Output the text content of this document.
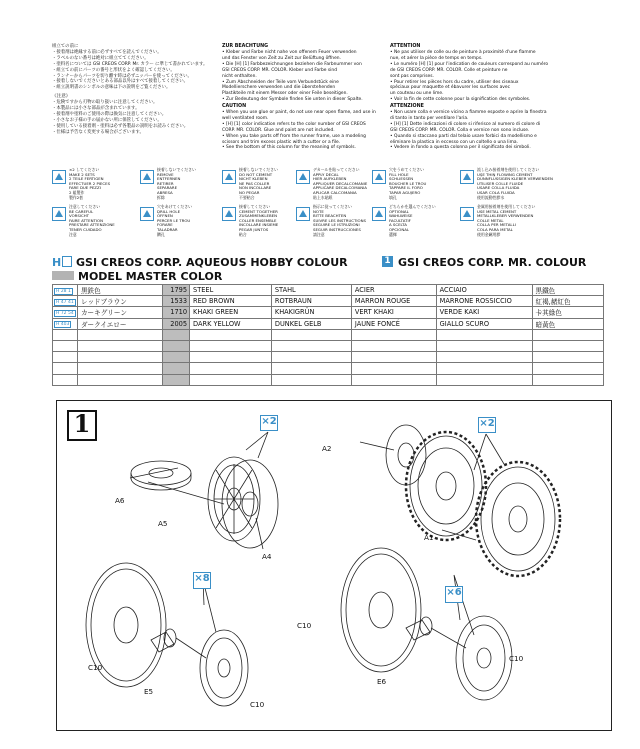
組立ての前に
・接着剤は絶縁する前に必ずすべてを読んでください。
・ラベルのない番号は絶対に組立ててください。
・塗料名については GSI CREOS CORP. Mr. カラー に準じて書かれています。
・組立ての前にパーツの番号と形状をよく確認してください。
・ランナーからパーツを切り離す時は必ずニッパーを使ってください。
・接着しないでくださいとある部品以外はすべて接着してください。
・組立説明書のシンボルの意味は下の説明をご覧ください。
《注意》
・危険ですから刃物の取り扱いに注意してください。
・本製品には小さな部品が含まれています。
・接着剤や塗料のご使用の際は換気に注意してください。
・小さなお子様の手の届かない所に保管してください。
・使用している接着剤・塗料は必ず各製品の説明をお読みください。
・仕様は予告なく変更する場合がございます。
ZUR BEACHTUNG
• Kleber und Farbe nicht nahe von offenem Feuer verwenden
und das Fenster von Zeit zu Zeit zur Belüftung öffnen.
• Die [H] [1] Farbbezeichnungen beziehen die Farbnummer von
GSI CREOS CORP. MR. COLOR. Kleber und Farbe sind
nicht enthalten.
• Zum Abschneiden der Teile vom Verbundstück eine
Modellierschere verwenden und die überstehenden
Plastikteile mit einem Messer oder einer Feile beseitigen.
• Zur Bedeutung der Symbole finden Sie unten in dieser Spalte.
CAUTION
• When you use glue or paint, do not use near open flame, and use in
well ventilated room.
• [H] [1] color indication refers to the color number of GSI CREOS
CORP. MR. COLOR. Glue and paint are not included.
• When you take parts off from the runner frame, use a modeling
scissors and trim excess plastic with a cutter or a file.
• See the bottom of this column for the meaning of symbols.
ATTENTION
• Ne pas utiliser de colle ou de peinture à proximité d'une flamme
nue, et aérer la pièce de temps en temps.
• Le numéro [H] [1] pour l'indication de couleurs correspond au numéro
de GSI CREOS CORP. MR. COLOR. Colle et peinture ne
sont pas comprises.
• Pour retirer les pièces hors du cadre, utiliser des ciseaux
spéciaux pour maquette et ébavurer les surfaces avec
un couteau ou une lime.
• Voir la fin de cette colonne pour la signification des symboles.
ATTENZIONE
• Non usare colla e vernice vicino a fiamme esposte e aprire la finestra
di tanto in tanto per ventilare l'aria.
• [H] [1] Dette indicazioni di colore si riferisce al numero di colore di
GSI CREOS CORP. MR. COLOR. Colla e vernice non sono incluse.
• Quando si staccano parti dal telaio usare forbici da modellismo e
eliminare la plastica in eccesso con un coltello o una lima.
• Vedere in fondo a questa colonna per il significato dei simboli.
×2 してください
MAKE 2 SETS
2 TEILE FERTIGEN
EFFECTUER 2 PIECES
FARE DUE PEZZI
2 組製作
製作2套
接着しないでください
REMOVE
ENTFERNEN
RETIRER
SEPARARE
ABRESA
拆除
接着しないでください
DO NOT CEMENT
NICHT KLEBEN
NE PAS COLLER
NON INCOLLARE
NO PEGAR
不要粘合
デカールを貼ってください
APPLY DECAL
HIER AUFKLEBEN
APPLIQUER DECALCOMANIE
APPLICARE DECALCOMANIA
APLICAR CALCOMANIA
貼上水貼紙
穴をうめてください
FILL HOLE
SCHLIESSEN
BOUCHER LE TROU
TAPPARE IL FORO
TAPAR AGUJERO
填孔
流し込み接着剤を使用してください
USE THIN FLOWING CEMENT
DÜNNFLÜSSIGEN KLEBER VERWENDEN
UTILISER COLLE FLUIDE
USARE COLLA FLUIDA
USAR COLA FLUIDA
使用流動性膠水
注意してください
BE CAREFUL
VORSICHT
FAIRE ATTENTION
PRESTARE ATTENZIONE
TENER CUIDADO
注意
穴をあけてください
DRILL HOLE
ÖFFNEN
PERCER LE TROU
FORARE
TALADRAR
鑽孔
接着してください
CEMENT TOGETHER
ZUSAMMENKLEBEN
COLLER ENSEMBLE
INCOLLARE INSIEME
PEGAR JUNTOS
粘合
指示に従ってください
NOTE
BITTE BEACHTEN
SUIVRE LES INSTRUCTIONS
SEGUIRE LE ISTRUZIONI
SEGUIR INSTRUCCIONES
請注意
どちらかを選んでください
OPTIONAL
WAHLWEISE
FACULTATIF
A SCELTA
OPCIONAL
選擇
金属用接着剤を使用してください
USE METAL CEMENT
METALLKLEBER VERWENDEN
COLLE METAL
COLLA PER METALLI
COLA PARA METAL
使用金屬用膠
H	GSI CREOS CORP. AQUEOUS HOBBY COLOUR	1 GSI CREOS CORP. MR. COLOUR
MODEL MASTER COLOR
H 28 1	黒鉄色	1795	STEEL	STAHL	ACIER	ACCIAIO	黒鐵色
H 47 41	レッドブラウン	1533	RED BROWN	ROTBRAUN	MARRON ROUGE	MARRONE ROSSICCIO	紅褐,赭紅色
H 72 54	カーキグリーン	1710	KHAKI GREEN	KHAKIGRÜN	VERT KHAKI	VERDE KAKI	卡其綠色
H 403	ダークイエロー	2005	DARK YELLOW	DUNKEL GELB	JAUNE FONCÉ	GIALLO SCURO	暗黃色

1	×2	×2
×8
×6
A6
A5
A4
A2
A1
C10
E5
C10
C10
C10
E6
